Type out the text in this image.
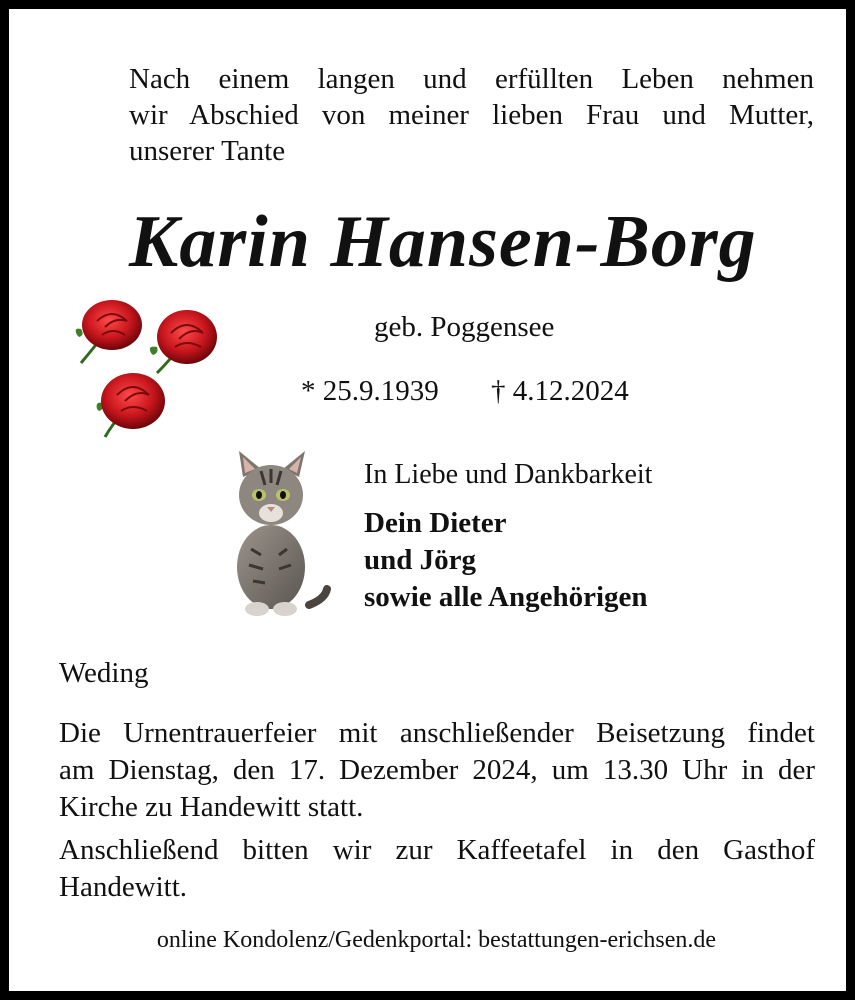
Nach einem langen und erfüllten Leben nehmen
wir Abschied von meiner lieben Frau und Mutter,
unserer Tante
Karin Hansen-Borg
geb. Poggensee
* 25.9.1939 † 4.12.2024
In Liebe und Dankbarkeit
Dein Dieter
und Jörg
sowie alle Angehörigen
Weding
Die Urnentrauerfeier mit anschließender Beisetzung findet
am Dienstag, den 17. Dezember 2024, um 13.30 Uhr in der
Kirche zu Handewitt statt.
Anschließend bitten wir zur Kaffeetafel in den Gasthof
Handewitt.
online Kondolenz/Gedenkportal: bestattungen-erichsen.de
